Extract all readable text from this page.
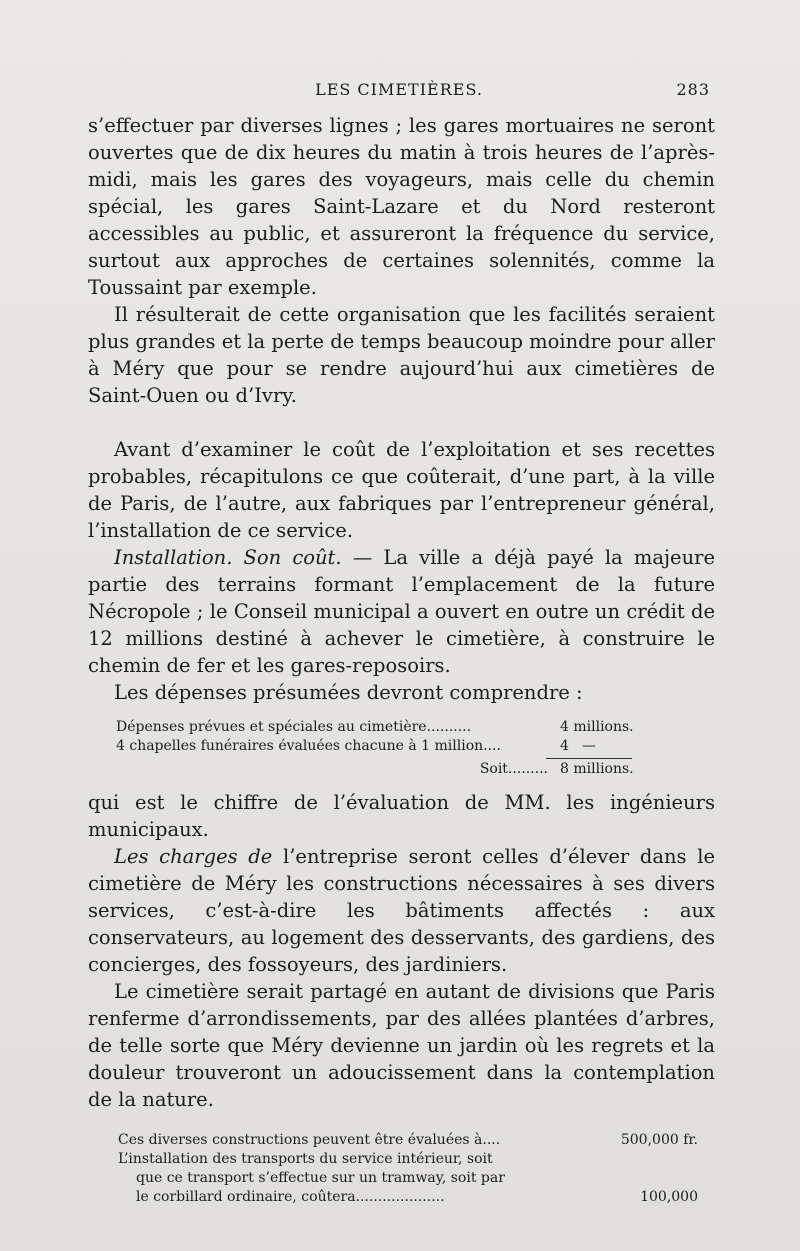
LES CIMETIÈRES.	283

s’effectuer par diverses lignes ; les gares mortuaires ne seront ouvertes que de dix heures du matin à trois heures de l’après-midi, mais les gares des voyageurs, mais celle du chemin spécial, les gares Saint-Lazare et du Nord resteront accessibles au public, et assureront la fréquence du service, surtout aux approches de certaines solennités, comme la Toussaint par exemple.

Il résulterait de cette organisation que les facilités seraient plus grandes et la perte de temps beaucoup moindre pour aller à Méry que pour se rendre aujourd’hui aux cimetières de Saint-Ouen ou d’Ivry.

Avant d’examiner le coût de l’exploitation et ses recettes probables, récapitulons ce que coûterait, d’une part, à la ville de Paris, de l’autre, aux fabriques par l’entrepreneur général, l’installation de ce service.

Installation. Son coût. — La ville a déjà payé la majeure partie des terrains formant l’emplacement de la future Nécropole ; le Conseil municipal a ouvert en outre un crédit de 12 millions destiné à achever le cimetière, à construire le chemin de fer et les gares-reposoirs.

Les dépenses présumées devront comprendre :

Dépenses prévues et spéciales au cimetière..........	4 millions.
4 chapelles funéraires évaluées chacune à 1 million....	4 —
Soit......... 8 millions.

qui est le chiffre de l’évaluation de MM. les ingénieurs municipaux.

Les charges de l’entreprise seront celles d’élever dans le cimetière de Méry les constructions nécessaires à ses divers services, c’est-à-dire les bâtiments affectés : aux conservateurs, au logement des desservants, des gardiens, des concierges, des fossoyeurs, des jardiniers.

Le cimetière serait partagé en autant de divisions que Paris renferme d’arrondissements, par des allées plantées d’arbres, de telle sorte que Méry devienne un jardin où les regrets et la douleur trouveront un adoucissement dans la contemplation de la nature.

Ces diverses constructions peuvent être évaluées à....	500,000 fr.
L’installation des transports du service intérieur, soit
que ce transport s’effectue sur un tramway, soit par
le corbillard ordinaire, coûtera....................	100,000
